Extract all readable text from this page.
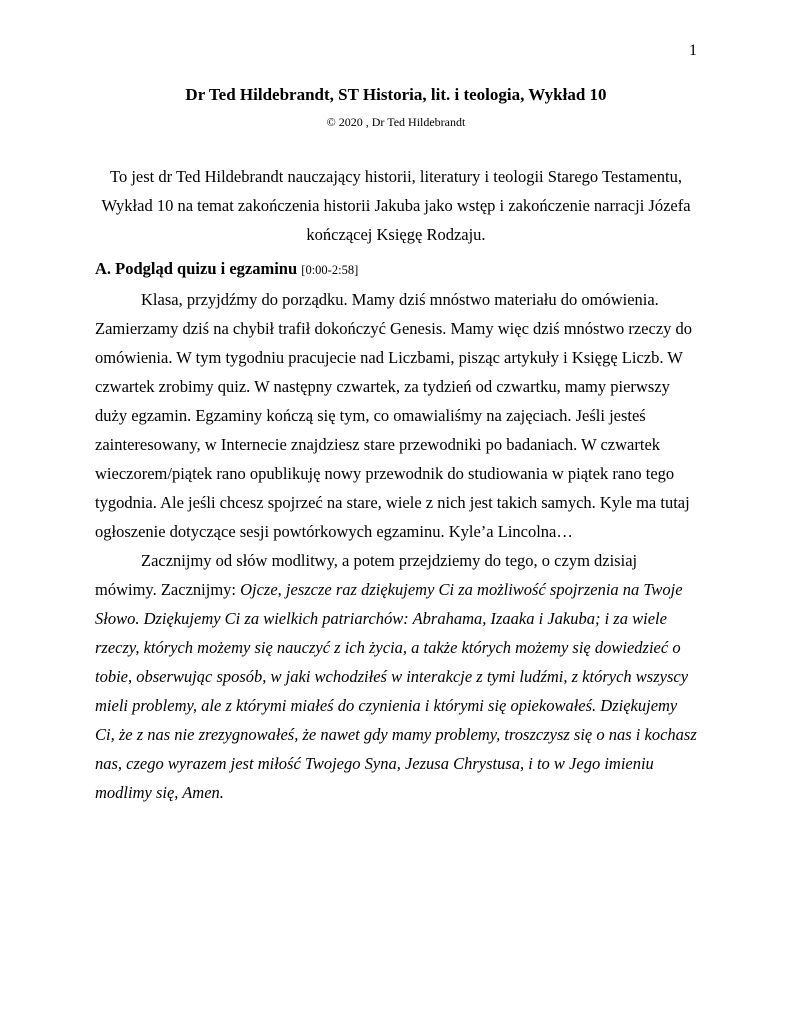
1
Dr Ted Hildebrandt, ST Historia, lit. i teologia, Wykład 10
© 2020 , Dr Ted Hildebrandt

To jest dr Ted Hildebrandt nauczający historii, literatury i teologii Starego Testamentu, Wykład 10 na temat zakończenia historii Jakuba jako wstęp i zakończenie narracji Józefa kończącej Księgę Rodzaju.

A. Podgląd quizu i egzaminu [0:00-2:58]

Klasa, przyjdźmy do porządku. Mamy dziś mnóstwo materiału do omówienia. Zamierzamy dziś na chybił trafił dokończyć Genesis. Mamy więc dziś mnóstwo rzeczy do omówienia. W tym tygodniu pracujecie nad Liczbami, pisząc artykuły i Księgę Liczb. W czwartek zrobimy quiz. W następny czwartek, za tydzień od czwartku, mamy pierwszy duży egzamin. Egzaminy kończą się tym, co omawialiśmy na zajęciach. Jeśli jesteś zainteresowany, w Internecie znajdziesz stare przewodniki po badaniach. W czwartek wieczorem/piątek rano opublikuję nowy przewodnik do studiowania w piątek rano tego tygodnia. Ale jeśli chcesz spojrzeć na stare, wiele z nich jest takich samych. Kyle ma tutaj ogłoszenie dotyczące sesji powtórkowych egzaminu. Kyle’a Lincolna…

Zacznijmy od słów modlitwy, a potem przejdziemy do tego, o czym dzisiaj mówimy. Zacznijmy: Ojcze, jeszcze raz dziękujemy Ci za możliwość spojrzenia na Twoje Słowo. Dziękujemy Ci za wielkich patriarchów: Abrahama, Izaaka i Jakuba; i za wiele rzeczy, których możemy się nauczyć z ich życia, a także których możemy się dowiedzieć o tobie, obserwując sposób, w jaki wchodziłeś w interakcje z tymi ludźmi, z których wszyscy mieli problemy, ale z którymi miałeś do czynienia i którymi się opiekowałeś. Dziękujemy Ci, że z nas nie zrezygnowałeś, że nawet gdy mamy problemy, troszczysz się o nas i kochasz nas, czego wyrazem jest miłość Twojego Syna, Jezusa Chrystusa, i to w Jego imieniu modlimy się, Amen.
